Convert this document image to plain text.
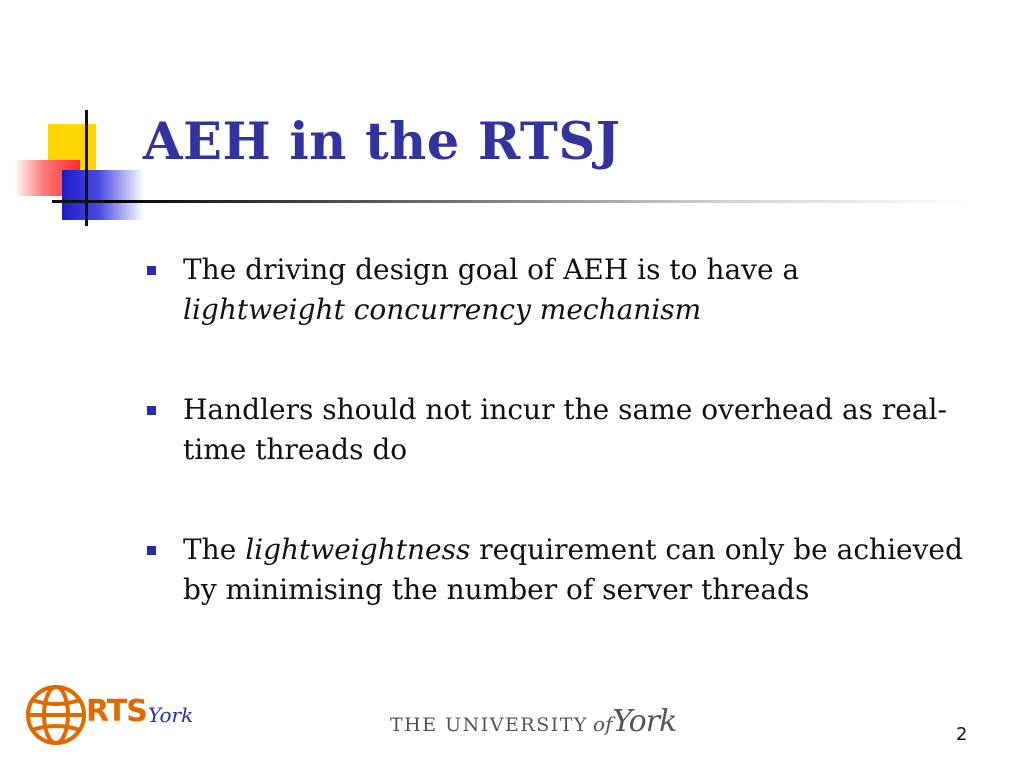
AEH in the RTSJ
The driving design goal of AEH is to have a
lightweight concurrency mechanism
Handlers should not incur the same overhead as real-time threads do
The lightweightness requirement can only be achieved by minimising the number of server threads
RTS York	THE UNIVERSITY ofYork	2
